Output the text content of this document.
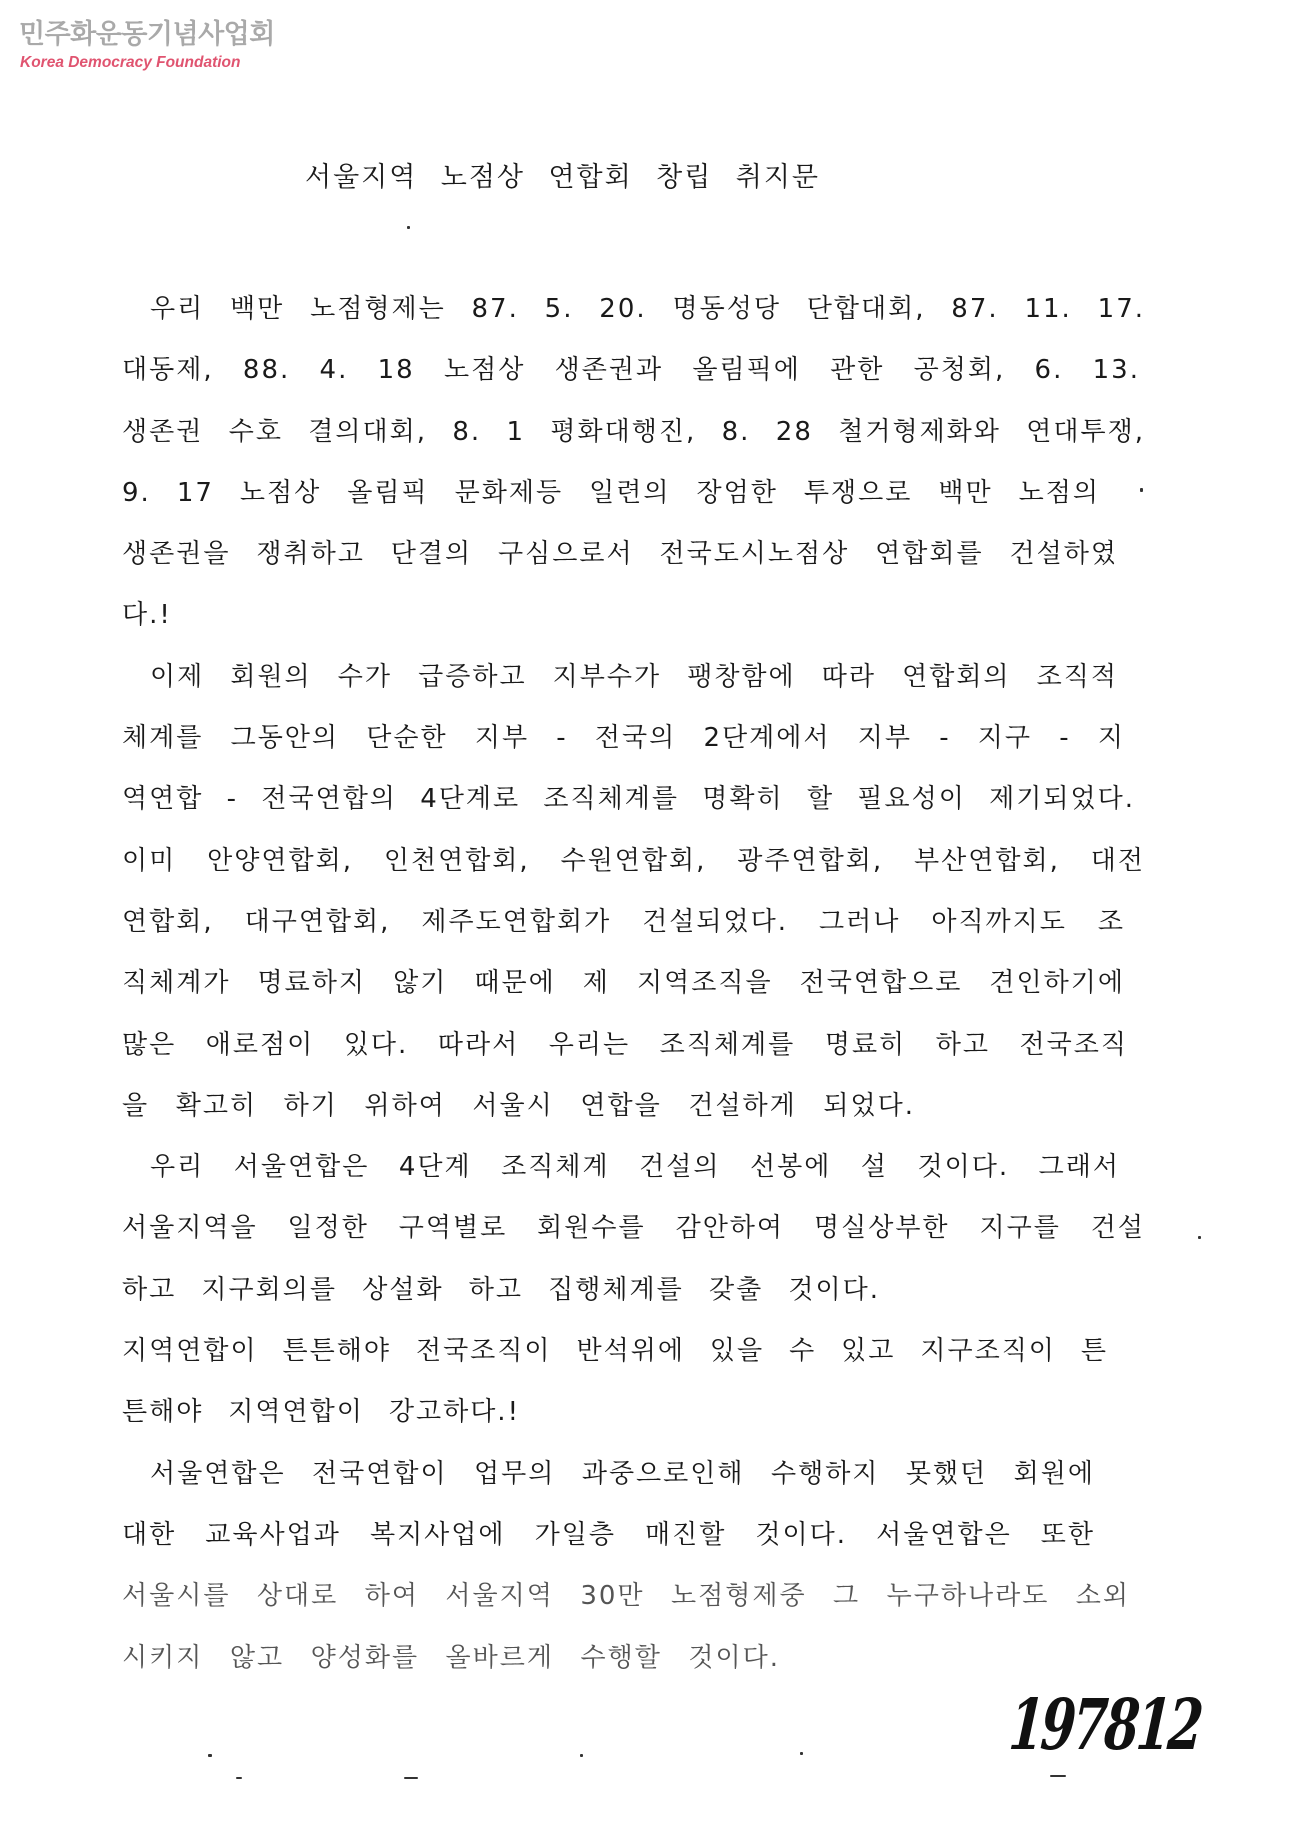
민주화운동기념사업회
Korea Democracy Foundation
서울지역 노점상 연합회 창립 취지문
우리 백만 노점형제는 87. 5. 20. 명동성당 단합대회, 87. 11. 17.
대동제, 88. 4. 18 노점상 생존권과 올림픽에 관한 공청회, 6. 13.
생존권 수호 결의대회, 8. 1 평화대행진, 8. 28 철거형제화와 연대투쟁,
9. 17 노점상 올림픽 문화제등 일련의 장엄한 투쟁으로 백만 노점의
생존권을 쟁취하고 단결의 구심으로서 전국도시노점상 연합회를 건설하였
다.!
이제 회원의 수가 급증하고 지부수가 팽창함에 따라 연합회의 조직적
체계를 그동안의 단순한 지부 - 전국의 2단계에서 지부 - 지구 - 지
역연합 - 전국연합의 4단계로 조직체계를 명확히 할 필요성이 제기되었다.
이미 안양연합회, 인천연합회, 수원연합회, 광주연합회, 부산연합회, 대전
연합회, 대구연합회, 제주도연합회가 건설되었다. 그러나 아직까지도 조
직체계가 명료하지 않기 때문에 제 지역조직을 전국연합으로 견인하기에
많은 애로점이 있다. 따라서 우리는 조직체계를 명료히 하고 전국조직
을 확고히 하기 위하여 서울시 연합을 건설하게 되었다.
우리 서울연합은 4단계 조직체계 건설의 선봉에 설 것이다. 그래서
서울지역을 일정한 구역별로 회원수를 감안하여 명실상부한 지구를 건설
하고 지구회의를 상설화 하고 집행체계를 갖출 것이다.
지역연합이 튼튼해야 전국조직이 반석위에 있을 수 있고 지구조직이 튼
튼해야 지역연합이 강고하다.!
서울연합은 전국연합이 업무의 과중으로인해 수행하지 못했던 회원에
대한 교육사업과 복지사업에 가일층 매진할 것이다. 서울연합은 또한
서울시를 상대로 하여 서울지역 30만 노점형제중 그 누구하나라도 소외
시키지 않고 양성화를 올바르게 수행할 것이다.
197812
